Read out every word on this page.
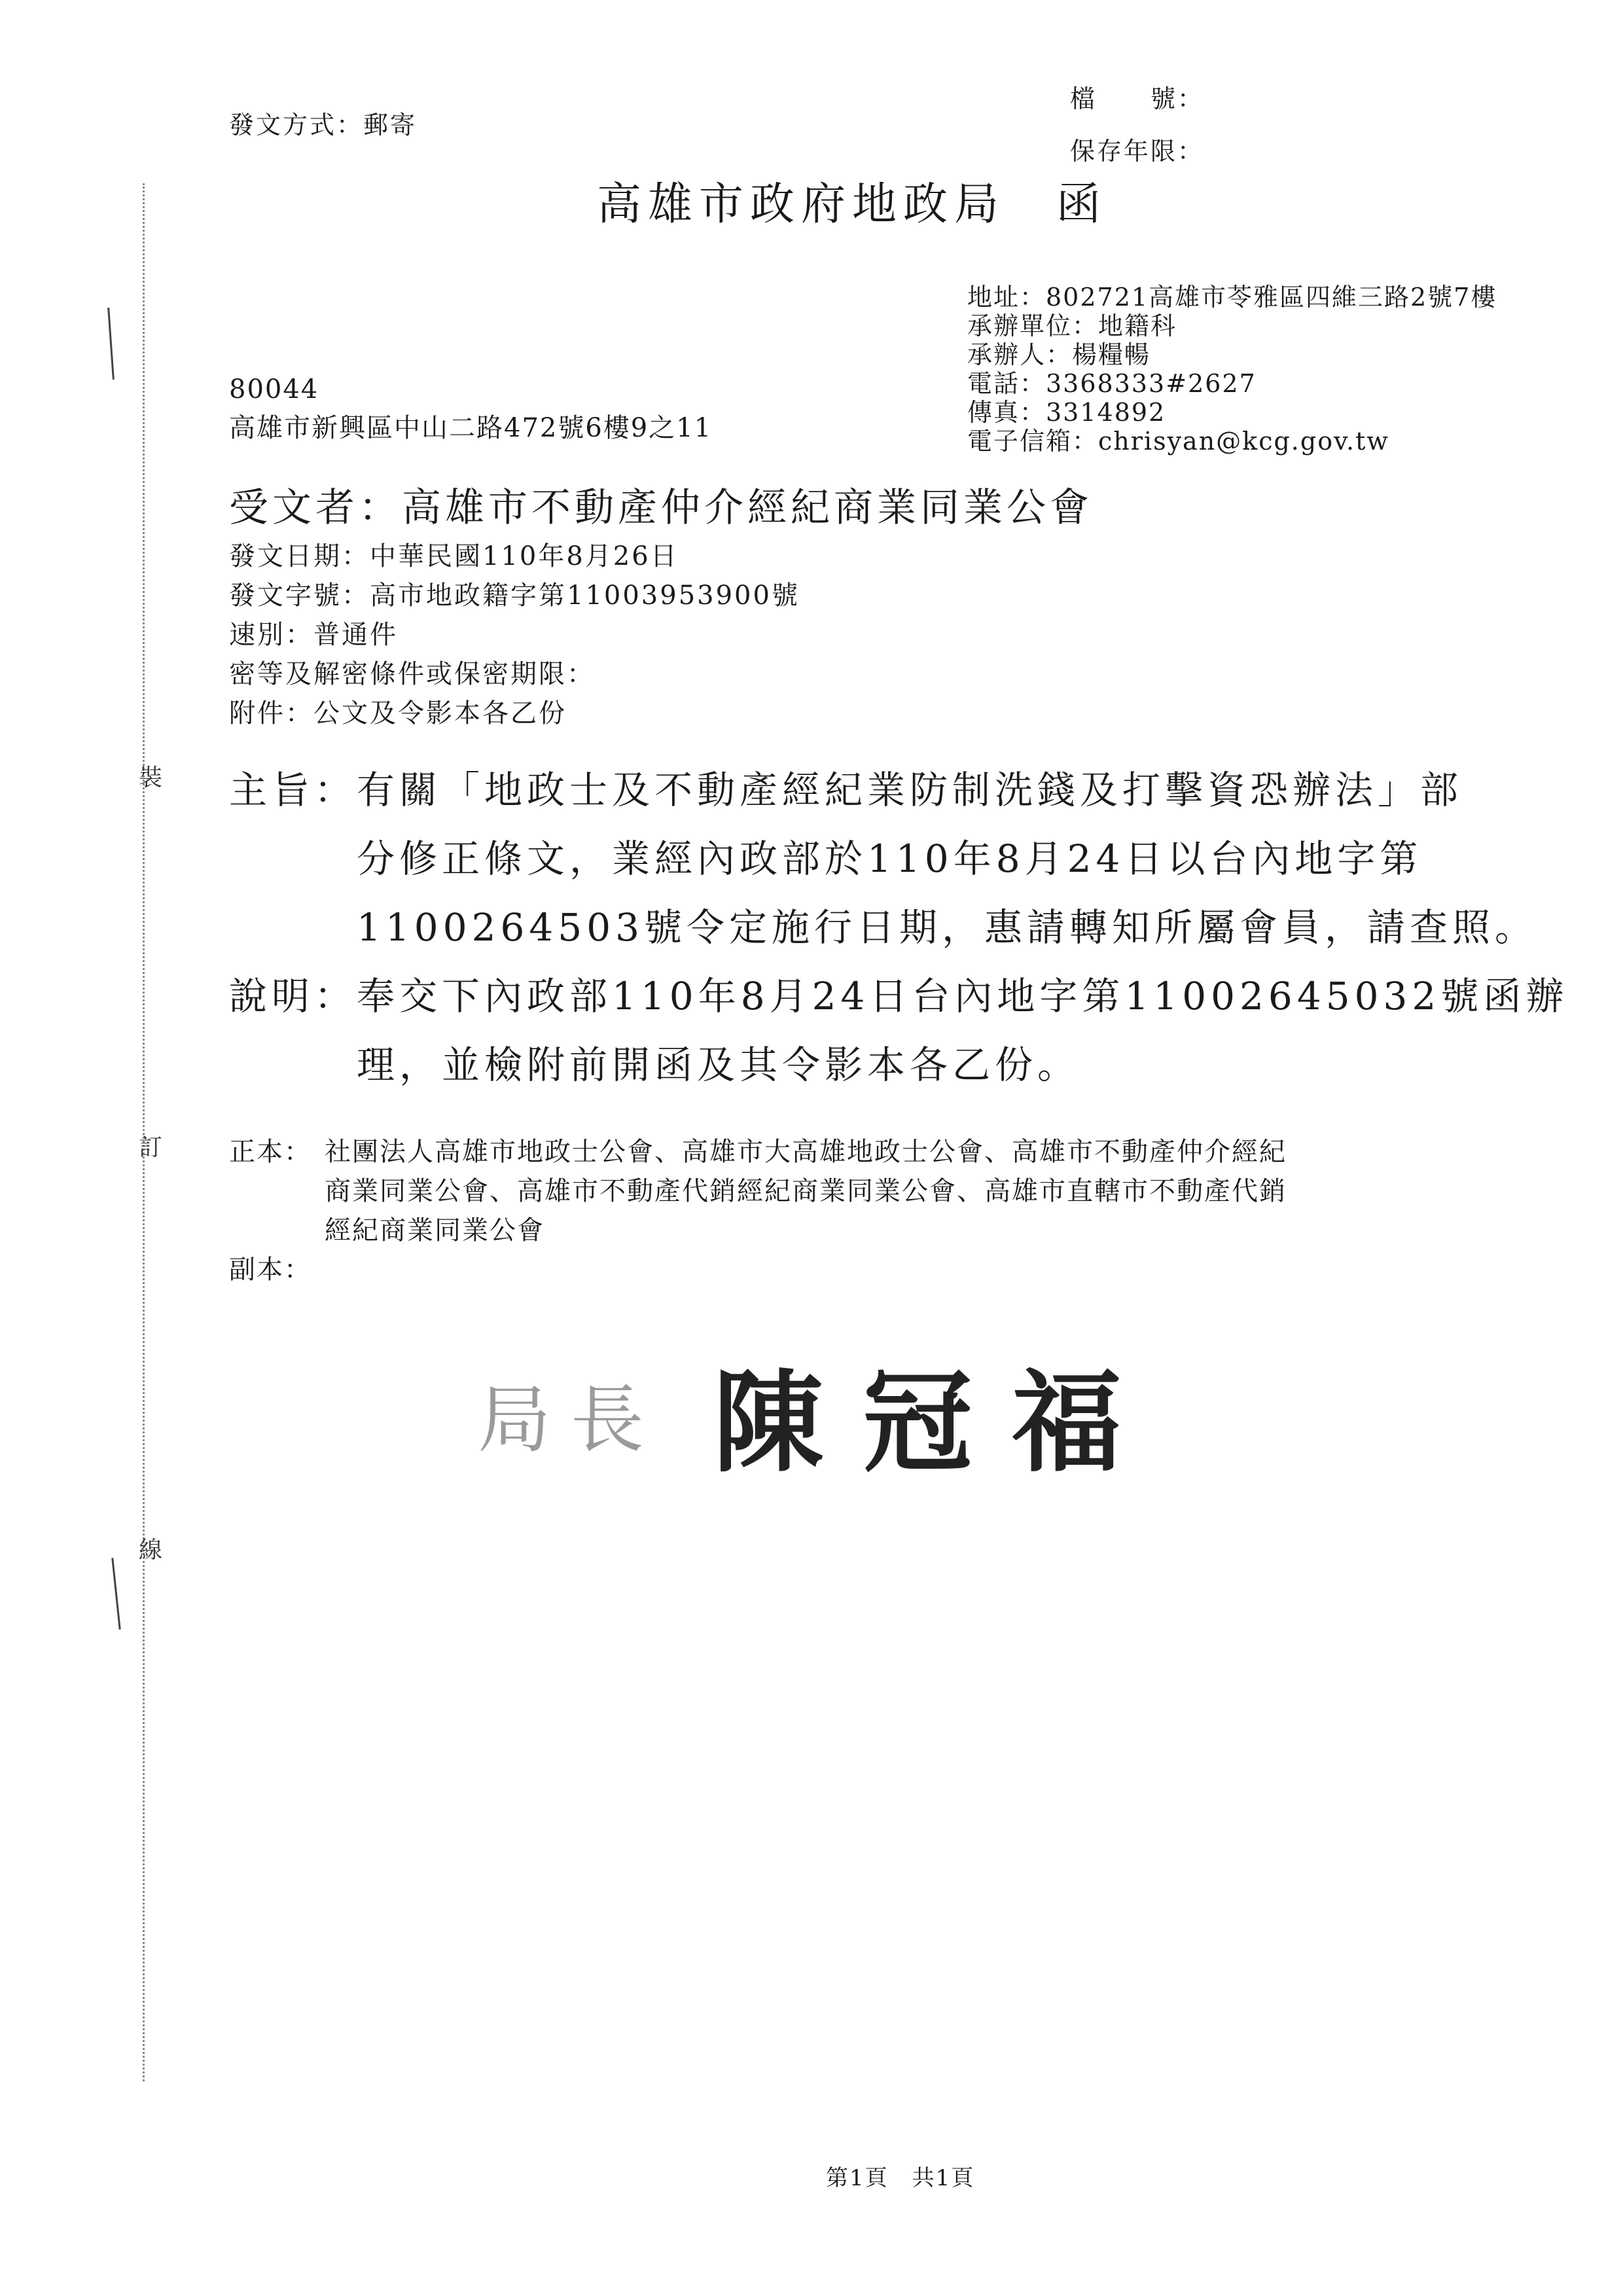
裝
訂
線
發文方式：郵寄
檔　　號：
保存年限：
高雄市政府地政局　函
地址：802721高雄市苓雅區四維三路2號7樓
承辦單位：地籍科
承辦人：楊糧暢
電話：3368333#2627
傳真：3314892
電子信箱：chrisyan@kcg.gov.tw
80044
高雄市新興區中山二路472號6樓9之11
受文者：高雄市不動產仲介經紀商業同業公會
發文日期：中華民國110年8月26日
發文字號：高市地政籍字第11003953900號
速別：普通件
密等及解密條件或保密期限：
附件：公文及令影本各乙份
主旨： 有關「地政士及不動產經紀業防制洗錢及打擊資恐辦法」部
分修正條文，業經內政部於110年8月24日以台內地字第
1100264503號令定施行日期，惠請轉知所屬會員，請查照。
說明： 奉交下內政部110年8月24日台內地字第11002645032號函辦
理，並檢附前開函及其令影本各乙份。
正本： 社團法人高雄市地政士公會、高雄市大高雄地政士公會、高雄市不動產仲介經紀
商業同業公會、高雄市不動產代銷經紀商業同業公會、高雄市直轄市不動產代銷
經紀商業同業公會
副本：
局長 陳冠福
第1頁　共1頁
